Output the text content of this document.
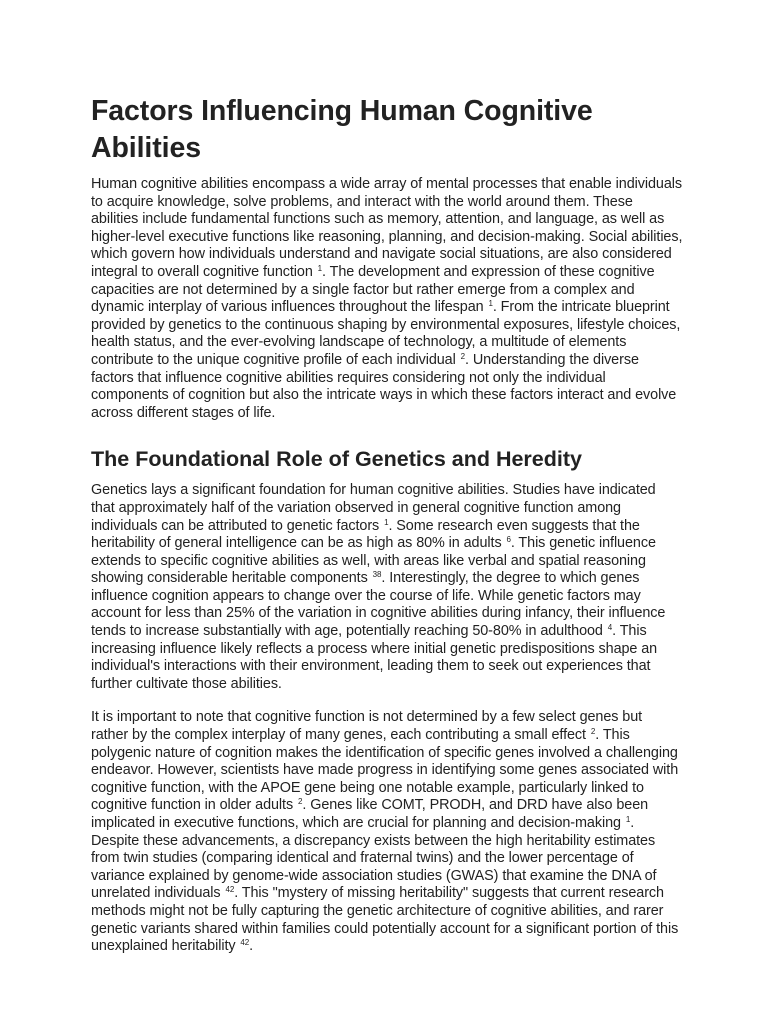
Factors Influencing Human Cognitive Abilities

Human cognitive abilities encompass a wide array of mental processes that enable individuals to acquire knowledge, solve problems, and interact with the world around them. These abilities include fundamental functions such as memory, attention, and language, as well as higher-level executive functions like reasoning, planning, and decision-making. Social abilities, which govern how individuals understand and navigate social situations, are also considered integral to overall cognitive function $^1$. The development and expression of these cognitive capacities are not determined by a single factor but rather emerge from a complex and dynamic interplay of various influences throughout the lifespan $^1$. From the intricate blueprint provided by genetics to the continuous shaping by environmental exposures, lifestyle choices, health status, and the ever-evolving landscape of technology, a multitude of elements contribute to the unique cognitive profile of each individual $^2$. Understanding the diverse factors that influence cognitive abilities requires considering not only the individual components of cognition but also the intricate ways in which these factors interact and evolve across different stages of life.

The Foundational Role of Genetics and Heredity

Genetics lays a significant foundation for human cognitive abilities. Studies have indicated that approximately half of the variation observed in general cognitive function among individuals can be attributed to genetic factors $^1$. Some research even suggests that the heritability of general intelligence can be as high as 80% in adults $^6$. This genetic influence extends to specific cognitive abilities as well, with areas like verbal and spatial reasoning showing considerable heritable components $^{38}$. Interestingly, the degree to which genes influence cognition appears to change over the course of life. While genetic factors may account for less than 25% of the variation in cognitive abilities during infancy, their influence tends to increase substantially with age, potentially reaching 50-80% in adulthood $^4$. This increasing influence likely reflects a process where initial genetic predispositions shape an individual's interactions with their environment, leading them to seek out experiences that further cultivate those abilities.

It is important to note that cognitive function is not determined by a few select genes but rather by the complex interplay of many genes, each contributing a small effect $^2$. This polygenic nature of cognition makes the identification of specific genes involved a challenging endeavor. However, scientists have made progress in identifying some genes associated with cognitive function, with the APOE gene being one notable example, particularly linked to cognitive function in older adults $^2$. Genes like COMT, PRODH, and DRD have also been implicated in executive functions, which are crucial for planning and decision-making $^1$. Despite these advancements, a discrepancy exists between the high heritability estimates from twin studies (comparing identical and fraternal twins) and the lower percentage of variance explained by genome-wide association studies (GWAS) that examine the DNA of unrelated individuals $^{42}$. This "mystery of missing heritability" suggests that current research methods might not be fully capturing the genetic architecture of cognitive abilities, and rarer genetic variants shared within families could potentially account for a significant portion of this unexplained heritability $^{42}$.
